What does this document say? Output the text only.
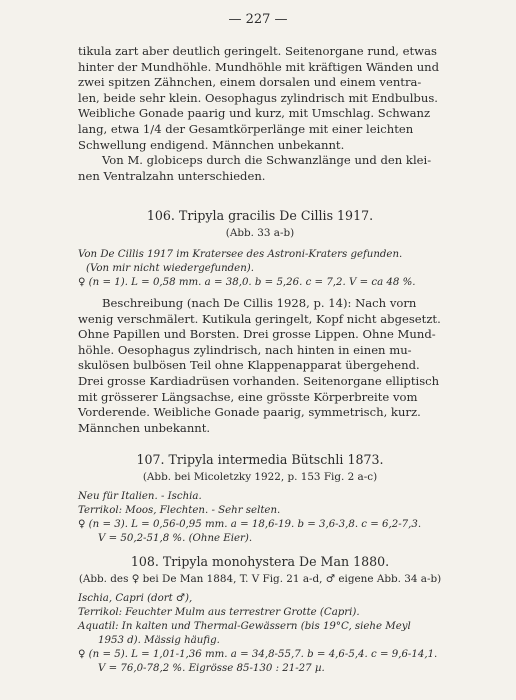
— 227 —

tikula zart aber deutlich geringelt. Seitenorgane rund, etwas

hinter der Mundhöhle. Mundhöhle mit kräftigen Wänden und

zwei spitzen Zähnchen, einem dorsalen und einem ventra-

len, beide sehr klein. Oesophagus zylindrisch mit Endbulbus.

Weibliche Gonade paarig und kurz, mit Umschlag. Schwanz

lang, etwa 1/4 der Gesamtkörperlänge mit einer leichten

Schwellung endigend. Männchen unbekannt.

Von M. globiceps durch die Schwanzlänge und den klei-

nen Ventralzahn unterschieden.

106. Tripyla gracilis De Cillis 1917.
(Abb. 33 a-b)

Von De Cillis 1917 im Kratersee des Astroni-Kraters gefunden.

(Von mir nicht wiedergefunden).

♀ (n = 1). L = 0,58 mm. a = 38,0. b = 5,26. c = 7,2. V = ca 48 %.

Beschreibung (nach De Cillis 1928, p. 14): Nach vorn

wenig verschmälert. Kutikula geringelt, Kopf nicht abgesetzt.

Ohne Papillen und Borsten. Drei grosse Lippen. Ohne Mund-

höhle. Oesophagus zylindrisch, nach hinten in einen mu-

skulösen bulbösen Teil ohne Klappenapparat übergehend.

Drei grosse Kardiadrüsen vorhanden. Seitenorgane elliptisch

mit grösserer Längsachse, eine grösste Körperbreite vom

Vorderende. Weibliche Gonade paarig, symmetrisch, kurz.

Männchen unbekannt.

107. Tripyla intermedia Bütschli 1873.
(Abb. bei Micoletzky 1922, p. 153 Fig. 2 a-c)

Neu für Italien. - Ischia.

Terrikol: Moos, Flechten. - Sehr selten.

♀ (n = 3). L = 0,56-0,95 mm. a = 18,6-19. b = 3,6-3,8. c = 6,2-7,3.

V = 50,2-51,8 %. (Ohne Eier).

108. Tripyla monohystera De Man 1880.
(Abb. des ♀ bei De Man 1884, T. V Fig. 21 a-d, ♂ eigene Abb. 34 a-b)

Ischia, Capri (dort ♂),

Terrikol: Feuchter Mulm aus terrestrer Grotte (Capri).

Aquatil: In kalten und Thermal-Gewässern (bis 19°C, siehe Meyl

1953 d). Mässig häufig.

♀ (n = 5). L = 1,01-1,36 mm. a = 34,8-55,7. b = 4,6-5,4. c = 9,6-14,1.

V = 76,0-78,2 %. Eigrösse 85-130 : 21-27 µ.
